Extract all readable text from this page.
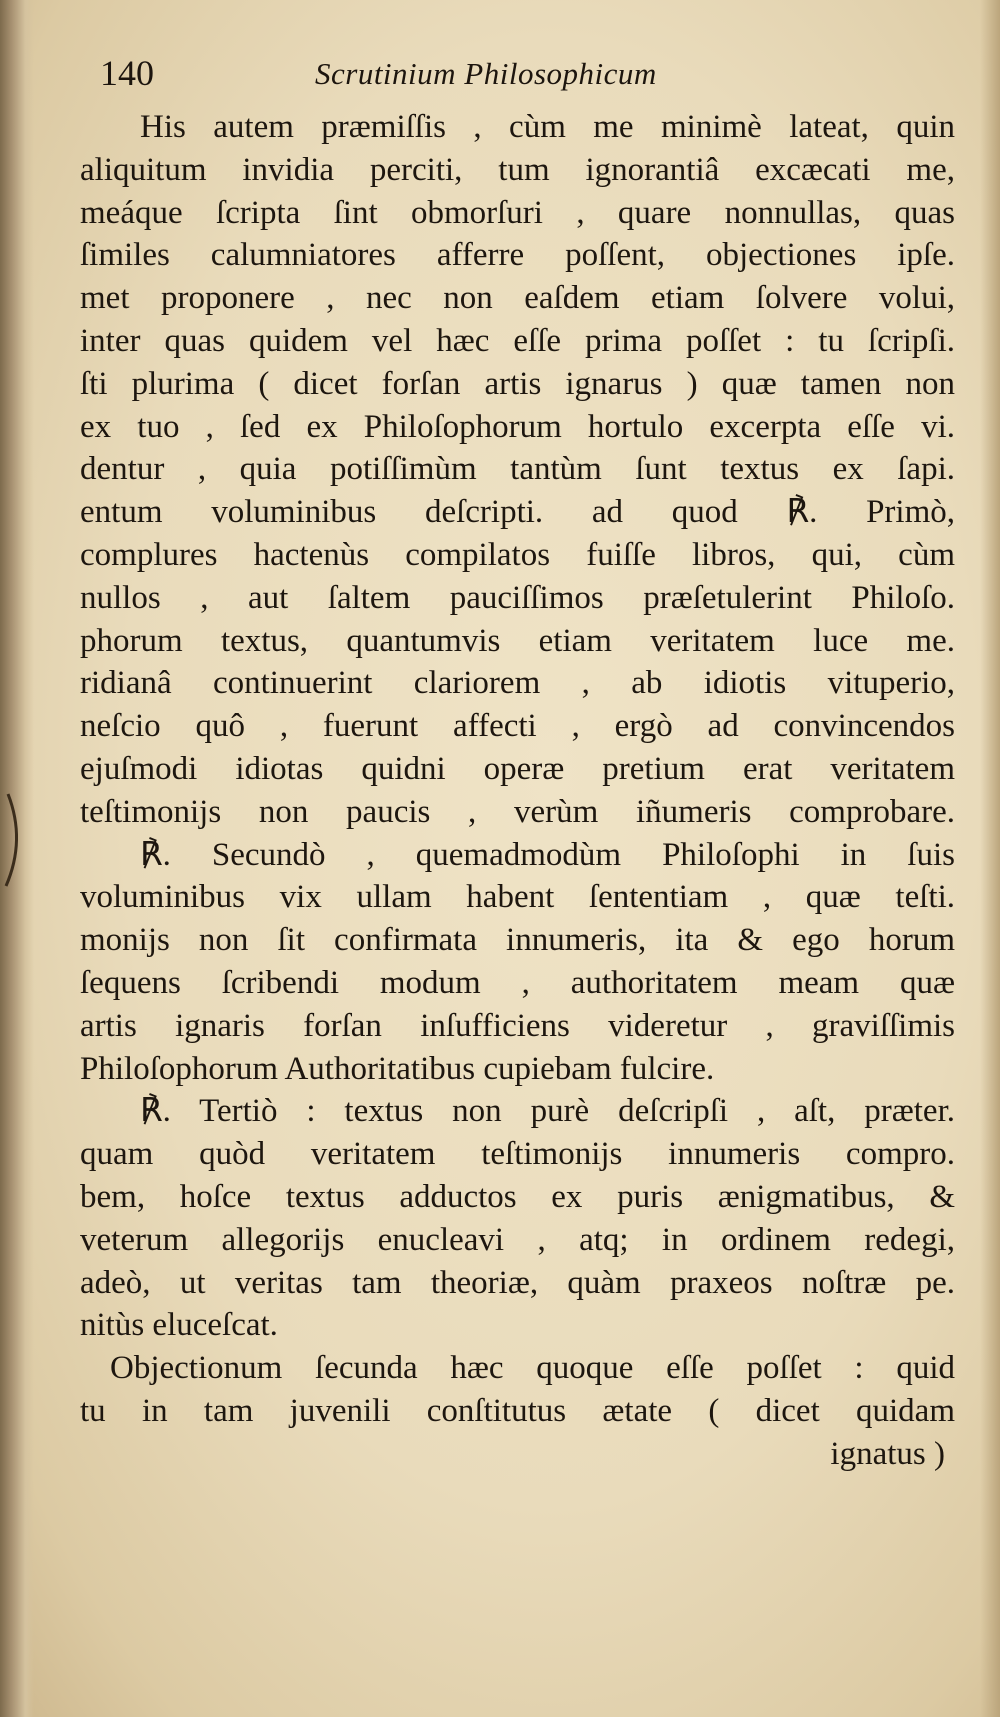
140	Scrutinium Philosophicum
His autem præmiſſis , cùm me minimè lateat, quin
aliquitum invidia perciti, tum ignorantiâ excæcati me,
meáque ſcripta ſint obmorſuri , quare nonnullas, quas
ſimiles calumniatores afferre poſſent, objectiones ipſe.
met proponere , nec non eaſdem etiam ſolvere volui,
inter quas quidem vel hæc eſſe prima poſſet : tu ſcripſi.
ſti plurima ( dicet forſan artis ignarus ) quæ tamen non
ex tuo , ſed ex Philoſophorum hortulo excerpta eſſe vi.
dentur , quia potiſſimùm tantùm ſunt textus ex ſapi.
entum voluminibus deſcripti. ad quod ℟. Primò,
complures hactenùs compilatos fuiſſe libros, qui, cùm
nullos , aut ſaltem pauciſſimos præſetulerint Philoſo.
phorum textus, quantumvis etiam veritatem luce me.
ridianâ continuerint clariorem , ab idiotis vituperio,
neſcio quô , fuerunt affecti , ergò ad convincendos
ejuſmodi idiotas quidni operæ pretium erat veritatem
teſtimonijs non paucis , verùm iñumeris comprobare.
℟. Secundò , quemadmodùm Philoſophi in ſuis
voluminibus vix ullam habent ſententiam , quæ teſti.
monijs non ſit confirmata innumeris, ita & ego horum
ſequens ſcribendi modum , authoritatem meam quæ
artis ignaris forſan inſufficiens videretur , graviſſimis
Philoſophorum Authoritatibus cupiebam fulcire.
℟. Tertiò : textus non purè deſcripſi , aſt, præter.
quam quòd veritatem teſtimonijs innumeris compro.
bem, hoſce textus adductos ex puris ænigmatibus, &
veterum allegorijs enucleavi , atq; in ordinem redegi,
adeò, ut veritas tam theoriæ, quàm praxeos noſtræ pe.
nitùs eluceſcat.
Objectionum ſecunda hæc quoque eſſe poſſet : quid
tu in tam juvenili conſtitutus ætate ( dicet quidam
ignatus )
